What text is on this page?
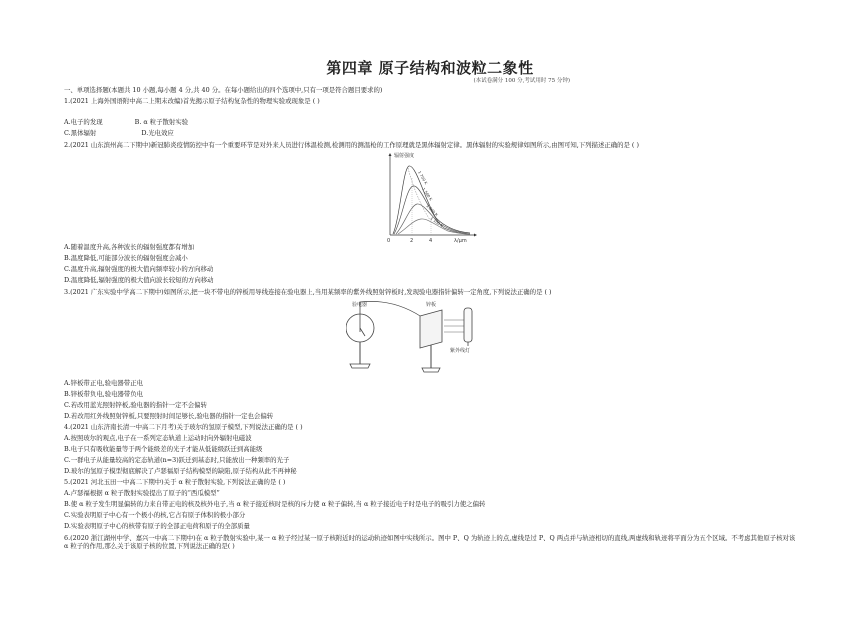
第四章 原子结构和波粒二象性
(本试卷满分 100 分,考试用时 75 分钟)
一、单项选择题(本题共 10 小题,每小题 4 分,共 40 分。在每小题给出的四个选项中,只有一项是符合题目要求的)
1.(2021 上海外国语附中高二上期末改编)首先揭示原子结构复杂性的物理实验或现象是 ( )
A.电子的发现	B. α 粒子散射实验
C.黑体辐射	D.光电效应
2.(2021 山东滨州高二下期中)新冠肺炎疫情防控中有一个重要环节是对外来人员进行体温检测,检测用的测温枪的工作原理就是黑体辐射定律。黑体辐射的实验规律如图所示,由图可知,下列描述正确的是 ( )
辐射强度
λ/μm
0	2	4
1 700 K
1 500 K
1 300 K
1 100 K
A.随着温度升高,各种波长的辐射强度都有增加
B.温度降低,可能部分波长的辐射强度会减小
C.温度升高,辐射强度的极大值向频率较小的方向移动
D.温度降低,辐射强度的极大值向波长较短的方向移动
3.(2021 广东实验中学高二下期中)如图所示,把一块不带电的锌板用导线连接在验电器上,当用某频率的紫外线照射锌板时,发现验电器指针偏转一定角度,下列说法正确的是 ( )
验电器	锌板
紫外线灯
A.锌板带正电,验电器带正电
B.锌板带负电,验电器带负电
C.若改用蓝光照射锌板,验电器的指针一定不会偏转
D.若改用红外线照射锌板,只要照射时间足够长,验电器的指针一定也会偏转
4.(2021 山东济南长清一中高二下月考)关于玻尔的氢原子模型,下列说法正确的是 ( )
A.按照玻尔的观点,电子在一系列定态轨道上运动时向外辐射电磁波
B.电子只有吸收能量等于两个能级差的光子才能从低能级跃迁到高能级
C.一群电子从能量较高的定态轨道(n=3)跃迁到基态时,只能放出一种频率的光子
D.玻尔的氢原子模型彻底解决了卢瑟福原子结构模型的缺陷,原子结构从此不再神秘
5.(2021 河北玉田一中高二下期中)关于 α 粒子散射实验,下列说法正确的是 ( )
A.卢瑟福根据 α 粒子散射实验提出了原子的“西瓜模型”
B.使 α 粒子发生明显偏转的力来自带正电的核及核外电子,当 α 粒子接近核时是核的斥力使 α 粒子偏转,当 α 粒子接近电子时是电子的吸引力使之偏转
C.实验表明原子中心有一个极小的核,它占有原子体积的极小部分
D.实验表明原子中心的核带有原子的全部正电荷和原子的全部质量
6.(2020 浙江湖州中学、嘉兴一中高二下期中)在 α 粒子散射实验中,某一 α 粒子经过某一原子核附近时的运动轨迹如图中实线所示。图中 P、Q 为轨迹上的点,虚线是过 P、Q 两点并与轨迹相切的直线,两虚线和轨迹将平面分为五个区域。不考虑其他原子核对该 α 粒子的作用,那么关于该原子核的位置,下列说法正确的是( )
